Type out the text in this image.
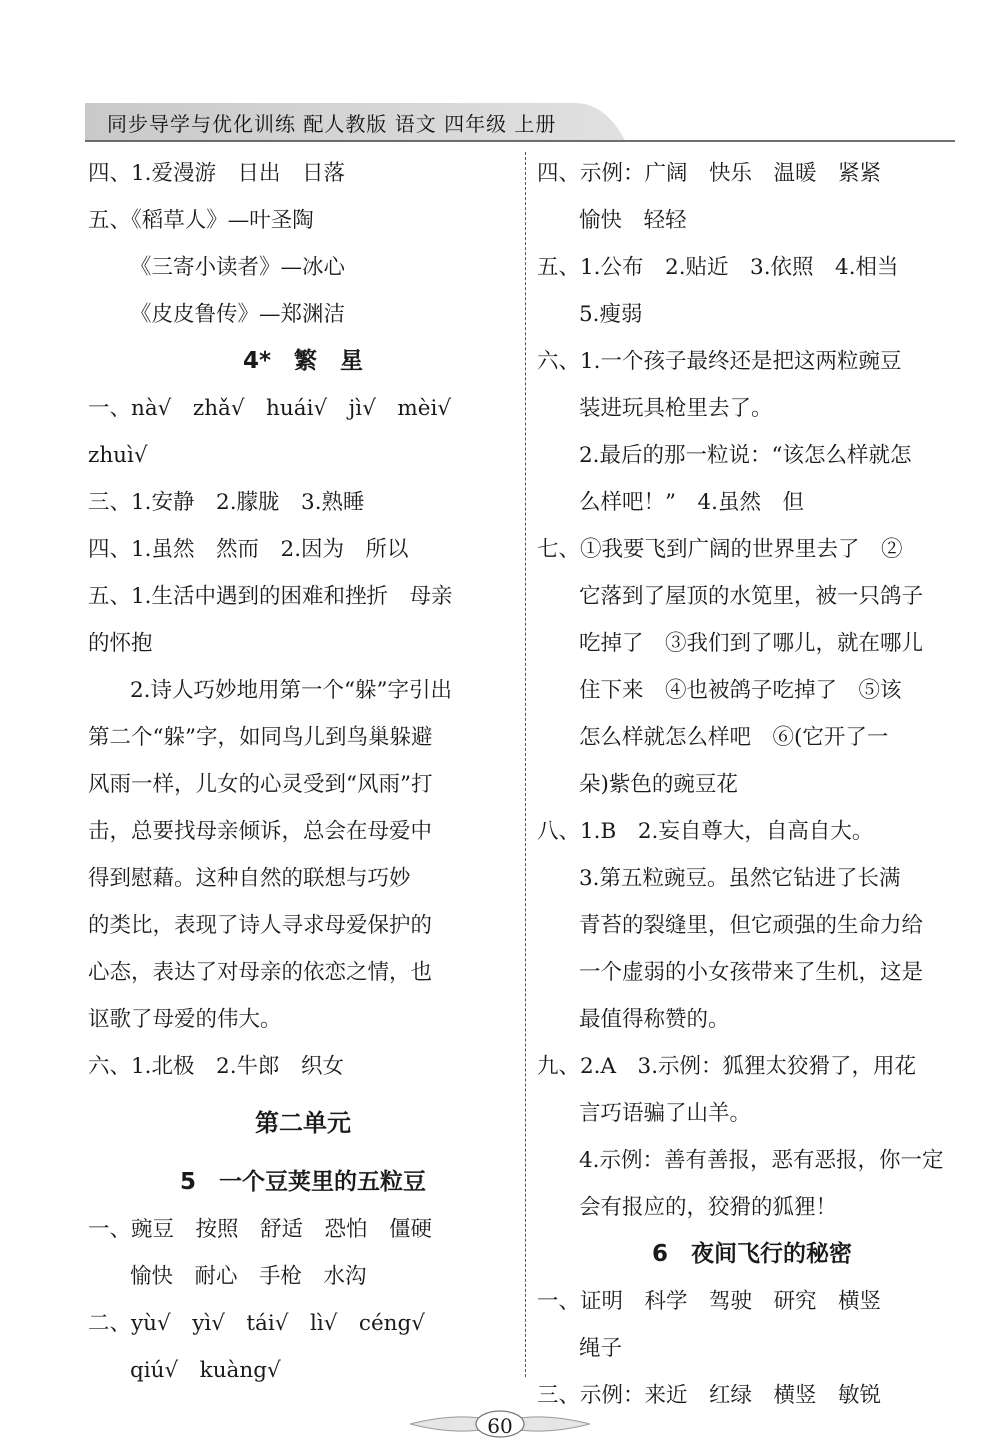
同步导学与优化训练 配人教版 语文 四年级 上册
四、1.爱漫游　日出　日落
五、《稻草人》—叶圣陶
《三寄小读者》—冰心
《皮皮鲁传》—郑渊洁
4*　繁　星
一、nà√　zhǎ√　huái√　jì√　mèi√
zhuì√
三、1.安静　2.朦胧　3.熟睡
四、1.虽然　然而　2.因为　所以
五、1.生活中遇到的困难和挫折　母亲
的怀抱
2.诗人巧妙地用第一个“躲”字引出
第二个“躲”字，如同鸟儿到鸟巢躲避
风雨一样，儿女的心灵受到“风雨”打
击，总要找母亲倾诉，总会在母爱中
得到慰藉。这种自然的联想与巧妙
的类比，表现了诗人寻求母爱保护的
心态，表达了对母亲的依恋之情，也
讴歌了母爱的伟大。
六、1.北极　2.牛郎　织女
第二单元
5　一个豆荚里的五粒豆
一、豌豆　按照　舒适　恐怕　僵硬
愉快　耐心　手枪　水沟
二、yù√　yì√　tái√　lì√　céng√
qiú√　kuàng√
四、示例：广阔　快乐　温暖　紧紧
愉快　轻轻
五、1.公布　2.贴近　3.依照　4.相当
5.瘦弱
六、1.一个孩子最终还是把这两粒豌豆
装进玩具枪里去了。
2.最后的那一粒说：“该怎么样就怎
么样吧！”　4.虽然　但
七、①我要飞到广阔的世界里去了　②
它落到了屋顶的水笕里，被一只鸽子
吃掉了　③我们到了哪儿，就在哪儿
住下来　④也被鸽子吃掉了　⑤该
怎么样就怎么样吧　⑥(它开了一
朵)紫色的豌豆花
八、1.B　2.妄自尊大，自高自大。
3.第五粒豌豆。虽然它钻进了长满
青苔的裂缝里，但它顽强的生命力给
一个虚弱的小女孩带来了生机，这是
最值得称赞的。
九、2.A　3.示例：狐狸太狡猾了，用花
言巧语骗了山羊。
4.示例：善有善报，恶有恶报，你一定
会有报应的，狡猾的狐狸！
6　夜间飞行的秘密
一、证明　科学　驾驶　研究　横竖
绳子
三、示例：来近　红绿　横竖　敏锐
60
